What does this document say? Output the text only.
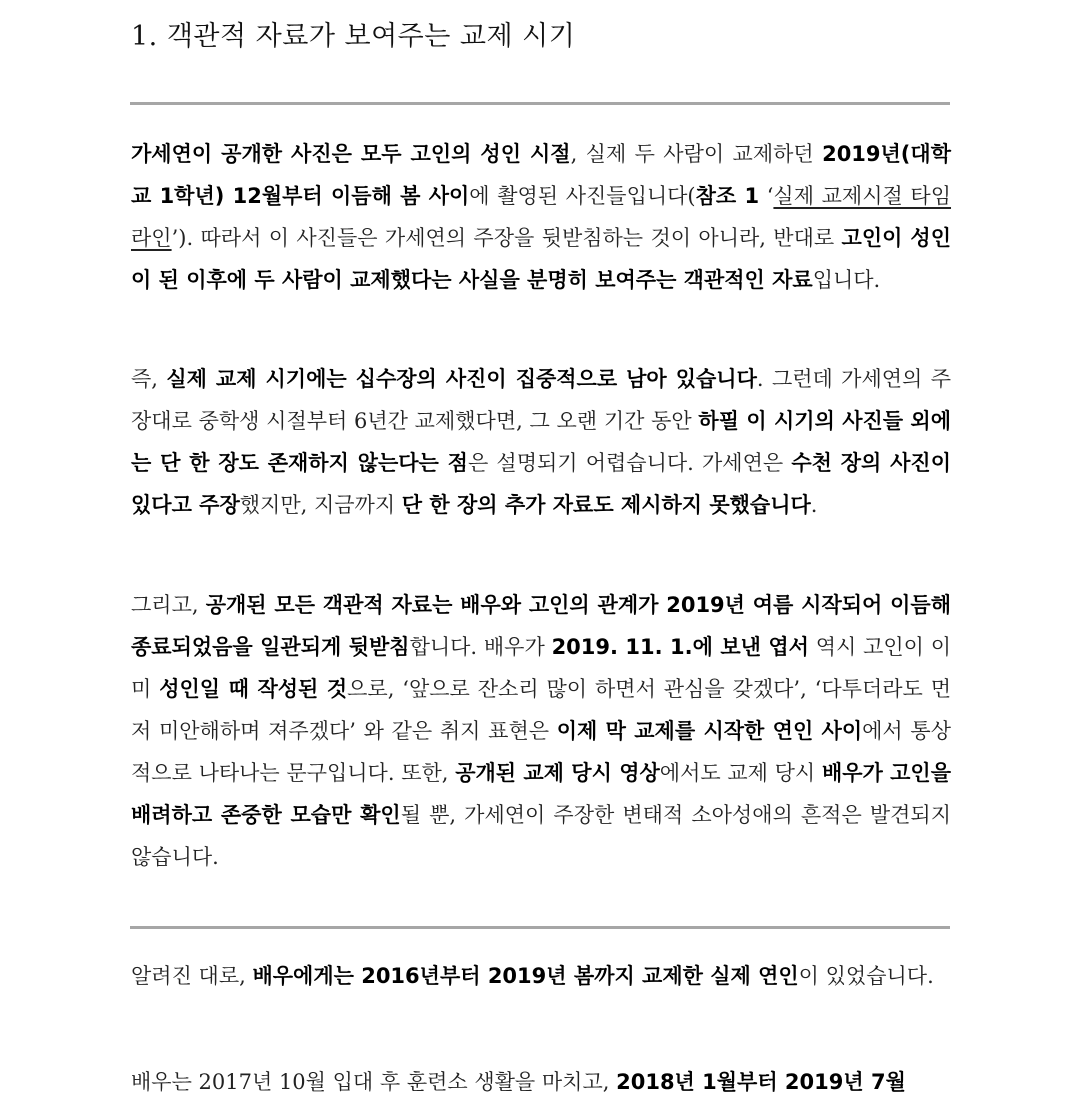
1. 객관적 자료가 보여주는 교제 시기

가세연이 공개한 사진은 모두 고인의 성인 시절, 실제 두 사람이 교제하던 2019년(대학교 1학년) 12월부터 이듬해 봄 사이에 촬영된 사진들입니다(참조 1 ‘실제 교제시절 타임라인’). 따라서 이 사진들은 가세연의 주장을 뒷받침하는 것이 아니라, 반대로 고인이 성인이 된 이후에 두 사람이 교제했다는 사실을 분명히 보여주는 객관적인 자료입니다.

즉, 실제 교제 시기에는 십수장의 사진이 집중적으로 남아 있습니다. 그런데 가세연의 주장대로 중학생 시절부터 6년간 교제했다면, 그 오랜 기간 동안 하필 이 시기의 사진들 외에는 단 한 장도 존재하지 않는다는 점은 설명되기 어렵습니다. 가세연은 수천 장의 사진이 있다고 주장했지만, 지금까지 단 한 장의 추가 자료도 제시하지 못했습니다.

그리고, 공개된 모든 객관적 자료는 배우와 고인의 관계가 2019년 여름 시작되어 이듬해 종료되었음을 일관되게 뒷받침합니다. 배우가 2019. 11. 1.에 보낸 엽서 역시 고인이 이미 성인일 때 작성된 것으로, ‘앞으로 잔소리 많이 하면서 관심을 갖겠다’, ‘다투더라도 먼저 미안해하며 져주겠다’ 와 같은 취지 표현은 이제 막 교제를 시작한 연인 사이에서 통상적으로 나타나는 문구입니다. 또한, 공개된 교제 당시 영상에서도 교제 당시 배우가 고인을 배려하고 존중한 모습만 확인될 뿐, 가세연이 주장한 변태적 소아성애의 흔적은 발견되지 않습니다.

알려진 대로, 배우에게는 2016년부터 2019년 봄까지 교제한 실제 연인이 있었습니다.

배우는 2017년 10월 입대 후 훈련소 생활을 마치고, 2018년 1월부터 2019년 7월
